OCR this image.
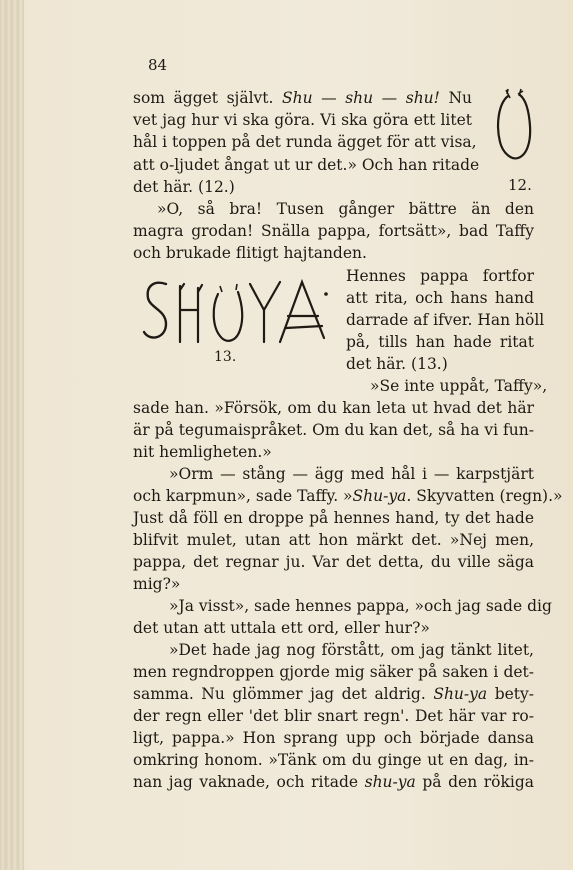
84
12.
13.
som ägget självt. Shu — shu — shu! Nu
vet jag hur vi ska göra. Vi ska göra ett litet
hål i toppen på det runda ägget för att visa,
att o-ljudet ångat ut ur det.» Och han ritade
det här. (12.)
»O, så bra! Tusen gånger bättre än den
magra grodan! Snälla pappa, fortsätt», bad Taffy
och brukade flitigt hajtanden.
Hennes pappa fortfor
att rita, och hans hand
darrade af ifver. Han höll
på, tills han hade ritat
det här. (13.)
»Se inte uppåt, Taffy»,
sade han. »Försök, om du kan leta ut hvad det här
är på tegumaispråket. Om du kan det, så ha vi fun-
nit hemligheten.»
»Orm — stång — ägg med hål i — karpstjärt
och karpmun», sade Taffy. »Shu-ya. Skyvatten (regn).»
Just då föll en droppe på hennes hand, ty det hade
blifvit mulet, utan att hon märkt det. »Nej men,
pappa, det regnar ju. Var det detta, du ville säga
mig?»
»Ja visst», sade hennes pappa, »och jag sade dig
det utan att uttala ett ord, eller hur?»
»Det hade jag nog förstått, om jag tänkt litet,
men regndroppen gjorde mig säker på saken i det-
samma. Nu glömmer jag det aldrig. Shu-ya bety-
der regn eller 'det blir snart regn'. Det här var ro-
ligt, pappa.» Hon sprang upp och började dansa
omkring honom. »Tänk om du ginge ut en dag, in-
nan jag vaknade, och ritade shu-ya på den rökiga
